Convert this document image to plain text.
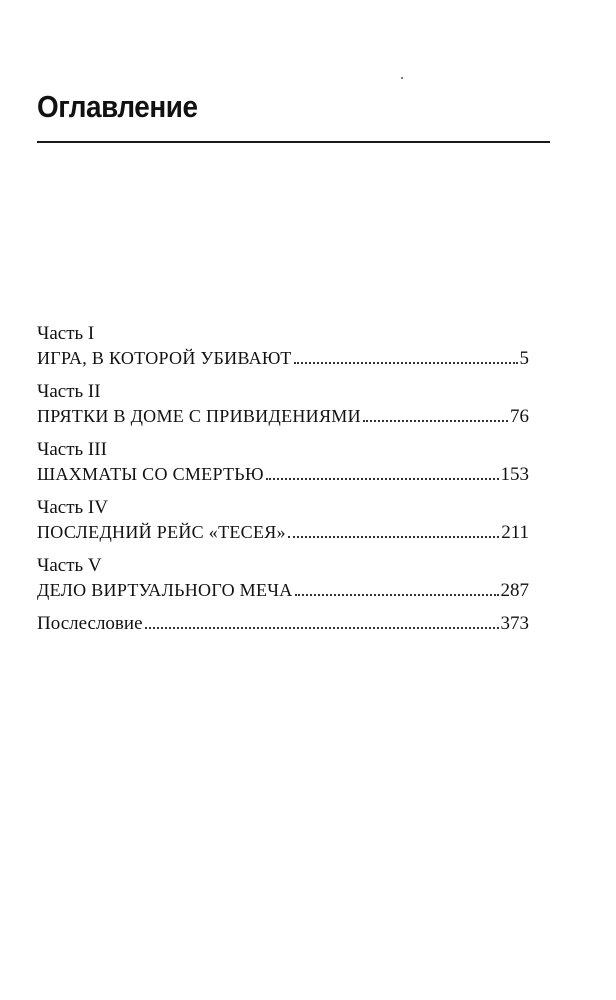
Оглавление
Часть I
ИГРА, В КОТОРОЙ УБИВАЮТ	5
Часть II
ПРЯТКИ В ДОМЕ С ПРИВИДЕНИЯМИ	76
Часть III
ШАХМАТЫ СО СМЕРТЬЮ	153
Часть IV
ПОСЛЕДНИЙ РЕЙС «ТЕСЕЯ»	211
Часть V
ДЕЛО ВИРТУАЛЬНОГО МЕЧА	287
Послесловие	373
